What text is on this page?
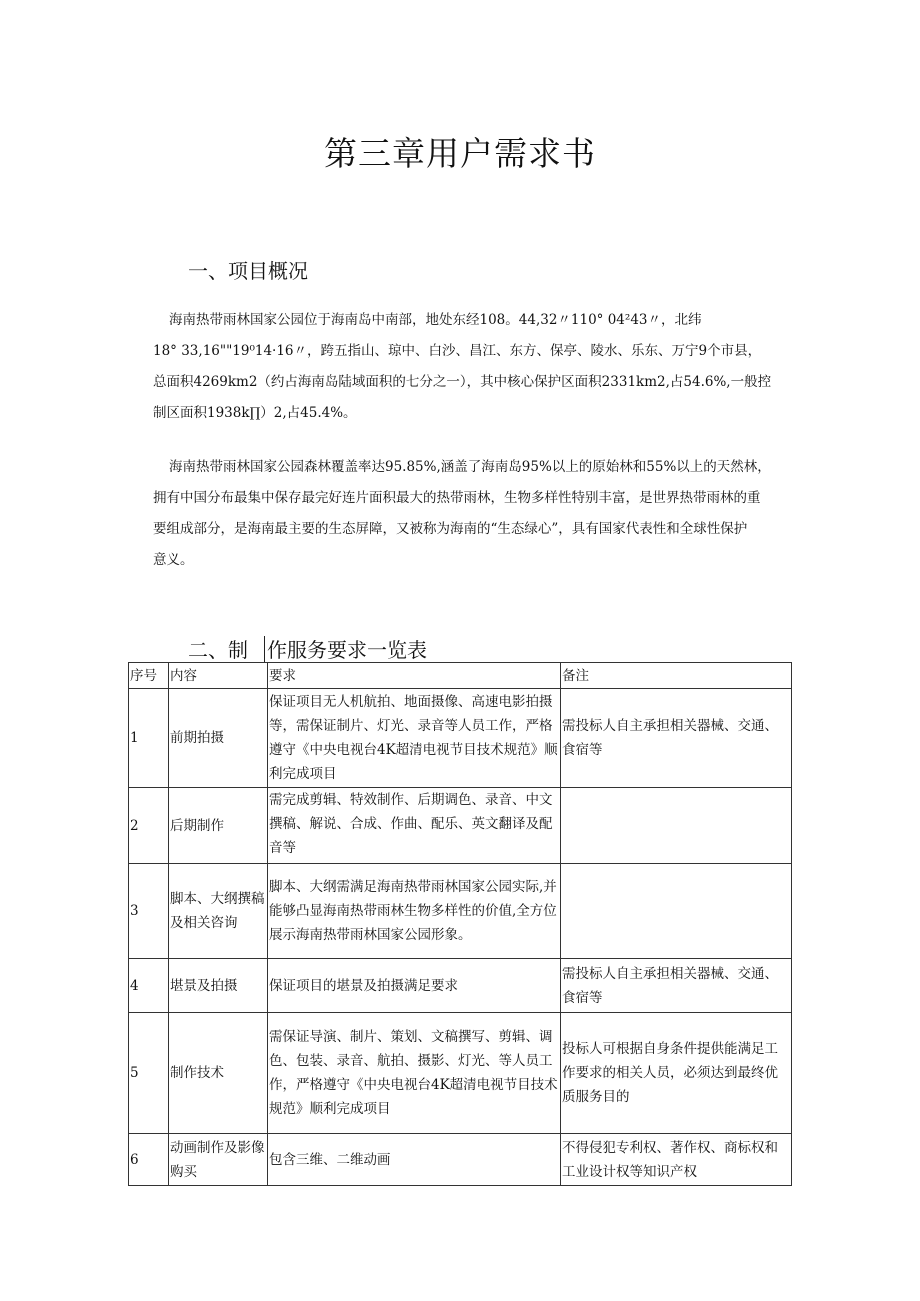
第三章用户需求书
一、项目概况
海南热带雨林国家公园位于海南岛中南部，地处东经108。44,32〃110° 04²43〃，北纬
18° 33,16""19⁰14·16〃，跨五指山、琼中、白沙、昌江、东方、保亭、陵水、乐东、万宁9个市县，
总面积4269km2（约占海南岛陆域面积的七分之一），其中核心保护区面积2331km2,占54.6%,一般控
制区面积1938k∏）2,占45.4%。
海南热带雨林国家公园森林覆盖率达95.85%,涵盖了海南岛95%以上的原始林和55%以上的天然林，
拥有中国分布最集中保存最完好连片面积最大的热带雨林，生物多样性特别丰富，是世界热带雨林的重
要组成部分，是海南最主要的生态屏障，又被称为海南的“生态绿心”，具有国家代表性和全球性保护
意义。
二、制 作服务要求一览表
序号	内容	要求	备注
1	前期拍摄	保证项目无人机航拍、地面摄像、高速电影拍摄等，需保证制片、灯光、录音等人员工作，严格遵守《中央电视台4K超清电视节目技术规范》顺利完成项目	需投标人自主承担相关器械、交通、食宿等
2	后期制作	需完成剪辑、特效制作、后期调色、录音、中文撰稿、解说、合成、作曲、配乐、英文翻译及配音等	
3	脚本、大纲撰稿及相关咨询	脚本、大纲需满足海南热带雨林国家公园实际,并能够凸显海南热带雨林生物多样性的价值,全方位展示海南热带雨林国家公园形象。	
4	堪景及拍摄	保证项目的堪景及拍摄满足要求	需投标人自主承担相关器械、交通、食宿等
5	制作技术	需保证导演、制片、策划、文稿撰写、剪辑、调色、包装、录音、航拍、摄影、灯光、等人员工作，严格遵守《中央电视台4K超清电视节目技术规范》顺利完成项目	投标人可根据自身条件提供能满足工作要求的相关人员，必须达到最终优质服务目的
6	动画制作及影像购买	包含三维、二维动画	不得侵犯专利权、著作权、商标权和工业设计权等知识产权
